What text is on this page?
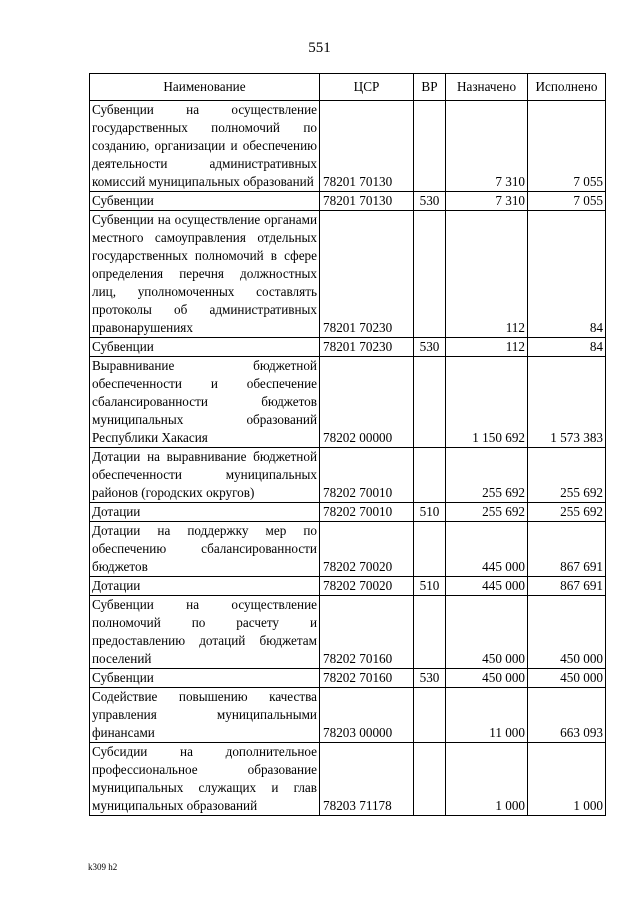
551
Наименование	ЦСР	ВР	Назначено	Исполнено
Субвенции на осуществление государственных полномочий по созданию, организации и обеспечению деятельности административных комиссий муниципальных образований	78201 70130		7 310	7 055
Субвенции	78201 70130	530	7 310	7 055
Субвенции на осуществление органами местного самоуправления отдельных государственных полномочий в сфере определения перечня должностных лиц, уполномоченных составлять протоколы об административных правонарушениях	78201 70230		112	84
Субвенции	78201 70230	530	112	84
Выравнивание бюджетной обеспеченности и обеспечение сбалансированности бюджетов муниципальных образований Республики Хакасия	78202 00000		1 150 692	1 573 383
Дотации на выравнивание бюджетной обеспеченности муниципальных районов (городских округов)	78202 70010		255 692	255 692
Дотации	78202 70010	510	255 692	255 692
Дотации на поддержку мер по обеспечению сбалансированности бюджетов	78202 70020		445 000	867 691
Дотации	78202 70020	510	445 000	867 691
Субвенции на осуществление полномочий по расчету и предоставлению дотаций бюджетам поселений	78202 70160		450 000	450 000
Субвенции	78202 70160	530	450 000	450 000
Содействие повышению качества управления муниципальными финансами	78203 00000		11 000	663 093
Субсидии на дополнительное профессиональное образование муниципальных служащих и глав муниципальных образований	78203 71178		1 000	1 000
k309 h2
